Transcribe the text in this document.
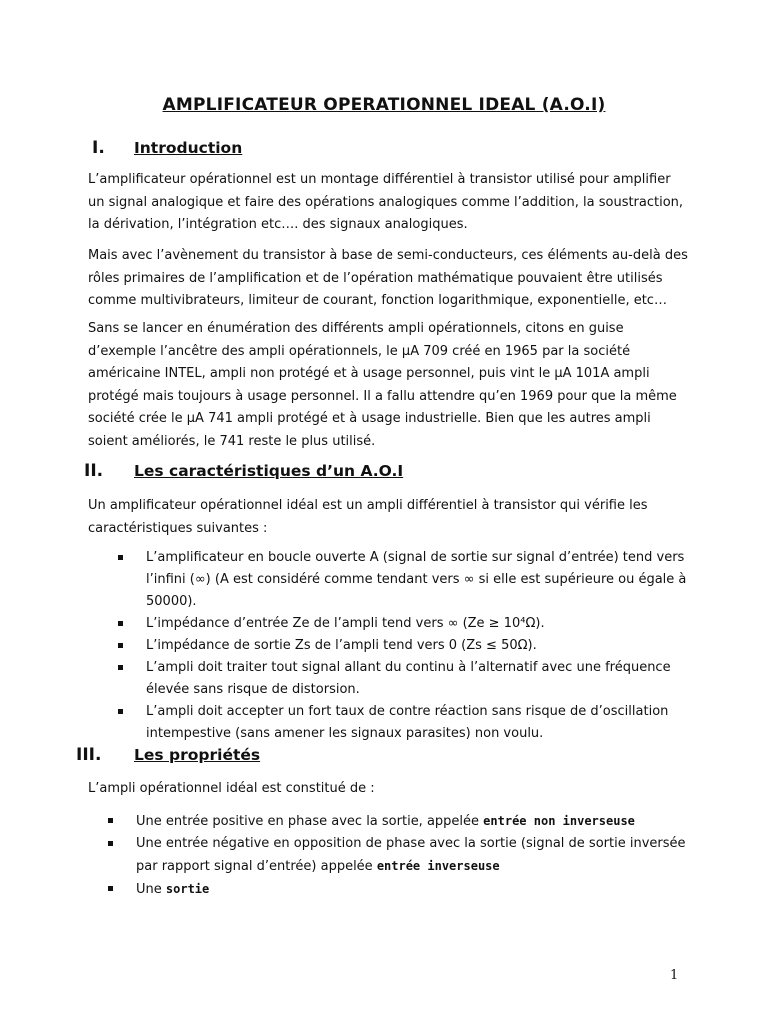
AMPLIFICATEUR OPERATIONNEL IDEAL (A.O.I)
I. Introduction

L’amplificateur opérationnel est un montage différentiel à transistor utilisé pour amplifier un signal analogique et faire des opérations analogiques comme l’addition, la soustraction, la dérivation, l’intégration etc…. des signaux analogiques.

Mais avec l’avènement du transistor à base de semi-conducteurs, ces éléments au-delà des rôles primaires de l’amplification et de l’opération mathématique pouvaient être utilisés comme multivibrateurs, limiteur de courant, fonction logarithmique, exponentielle, etc…

Sans se lancer en énumération des différents ampli opérationnels, citons en guise d’exemple l’ancêtre des ampli opérationnels, le μA 709 créé en 1965 par la société américaine INTEL, ampli non protégé et à usage personnel, puis vint le μA 101A ampli protégé mais toujours à usage personnel. Il a fallu attendre qu’en 1969 pour que la même société crée le μA 741 ampli protégé et à usage industrielle. Bien que les autres ampli soient améliorés, le 741 reste le plus utilisé.

II. Les caractéristiques d’un A.O.I

Un amplificateur opérationnel idéal est un ampli différentiel à transistor qui vérifie les caractéristiques suivantes :

L’amplificateur en boucle ouverte A (signal de sortie sur signal d’entrée) tend vers l’infini (∞) (A est considéré comme tendant vers ∞ si elle est supérieure ou égale à 50000).
L’impédance d’entrée Ze de l’ampli tend vers ∞ (Ze ≥ 10⁴Ω).
L’impédance de sortie Zs de l’ampli tend vers 0 (Zs ≤ 50Ω).
L’ampli doit traiter tout signal allant du continu à l’alternatif avec une fréquence élevée sans risque de distorsion.
L’ampli doit accepter un fort taux de contre réaction sans risque de d’oscillation intempestive (sans amener les signaux parasites) non voulu.
III. Les propriétés

L’ampli opérationnel idéal est constitué de :

Une entrée positive en phase avec la sortie, appelée entrée non inverseuse
Une entrée négative en opposition de phase avec la sortie (signal de sortie inversée par rapport signal d’entrée) appelée entrée inverseuse
Une sortie
1
